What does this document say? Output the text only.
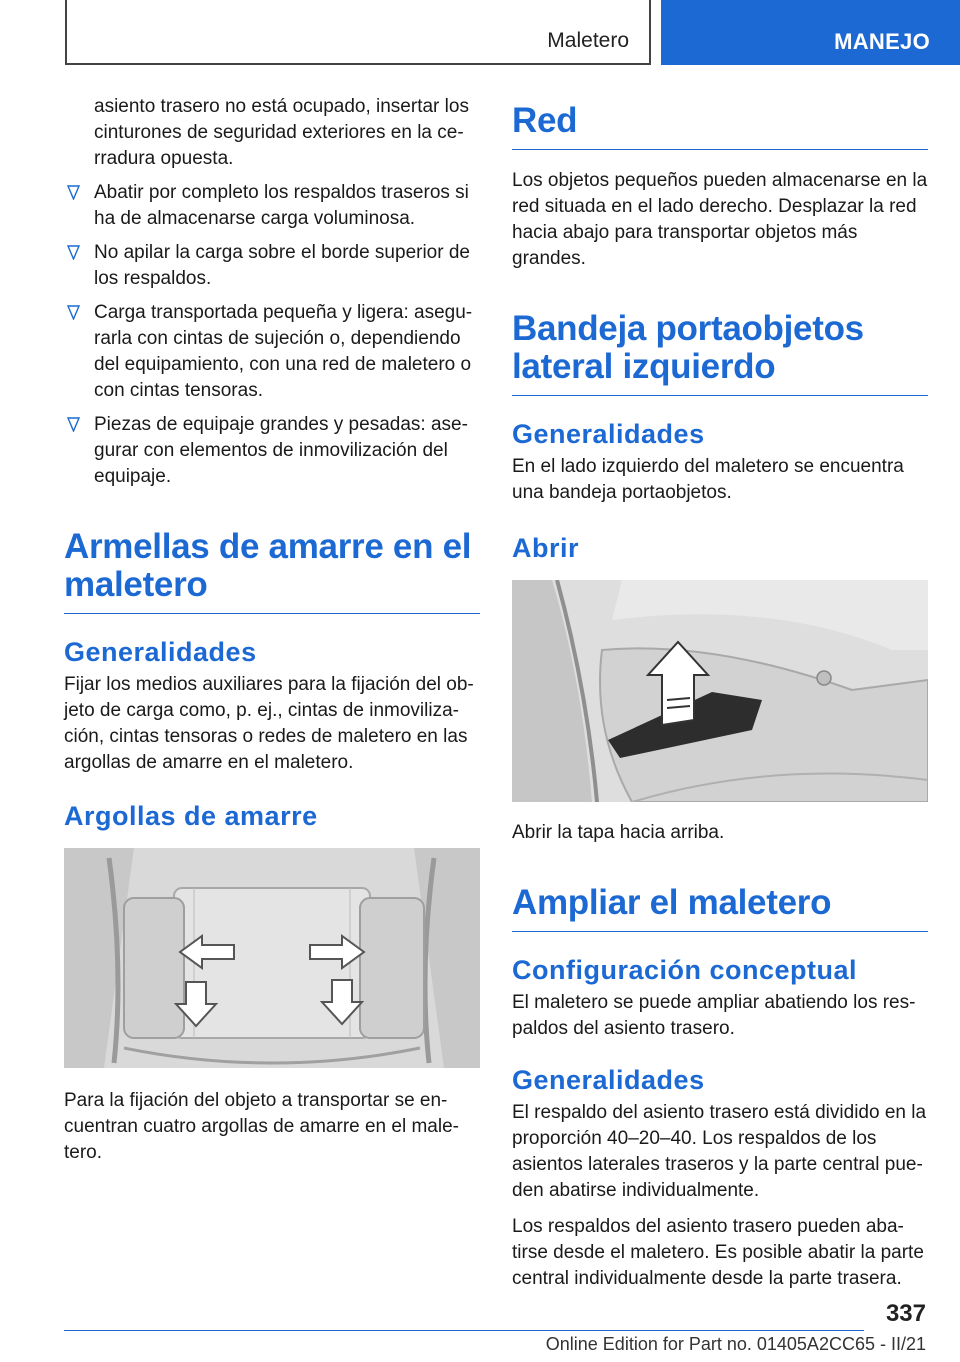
Maletero	MANEJO

asiento trasero no está ocupado, insertar los cinturones de seguridad exteriores en la ce- rradura opuesta.

Abatir por completo los respaldos traseros si ha de almacenarse carga voluminosa.
No apilar la carga sobre el borde superior de los respaldos.
Carga transportada pequeña y ligera: asegu- rarla con cintas de sujeción o, dependiendo del equipamiento, con una red de maletero o con cintas tensoras.
Piezas de equipaje grandes y pesadas: ase- gurar con elementos de inmovilización del equipaje.
Armellas de amarre en el maletero
Generalidades

Fijar los medios auxiliares para la fijación del ob- jeto de carga como, p. ej., cintas de inmoviliza- ción, cintas tensoras o redes de maletero en las argollas de amarre en el maletero.

Argollas de amarre

Para la fijación del objeto a transportar se en- cuentran cuatro argollas de amarre en el male- tero.

Red

Los objetos pequeños pueden almacenarse en la red situada en el lado derecho. Desplazar la red hacia abajo para transportar objetos más grandes.

Bandeja portaobjetos lateral izquierdo
Generalidades

En el lado izquierdo del maletero se encuentra una bandeja portaobjetos.

Abrir

Abrir la tapa hacia arriba.

Ampliar el maletero
Configuración conceptual

El maletero se puede ampliar abatiendo los res- paldos del asiento trasero.

Generalidades

El respaldo del asiento trasero está dividido en la proporción 40–20–40. Los respaldos de los asientos laterales traseros y la parte central pue- den abatirse individualmente.

Los respaldos del asiento trasero pueden aba- tirse desde el maletero. Es posible abatir la parte central individualmente desde la parte trasera.

337
Online Edition for Part no. 01405A2CC65 - II/21
